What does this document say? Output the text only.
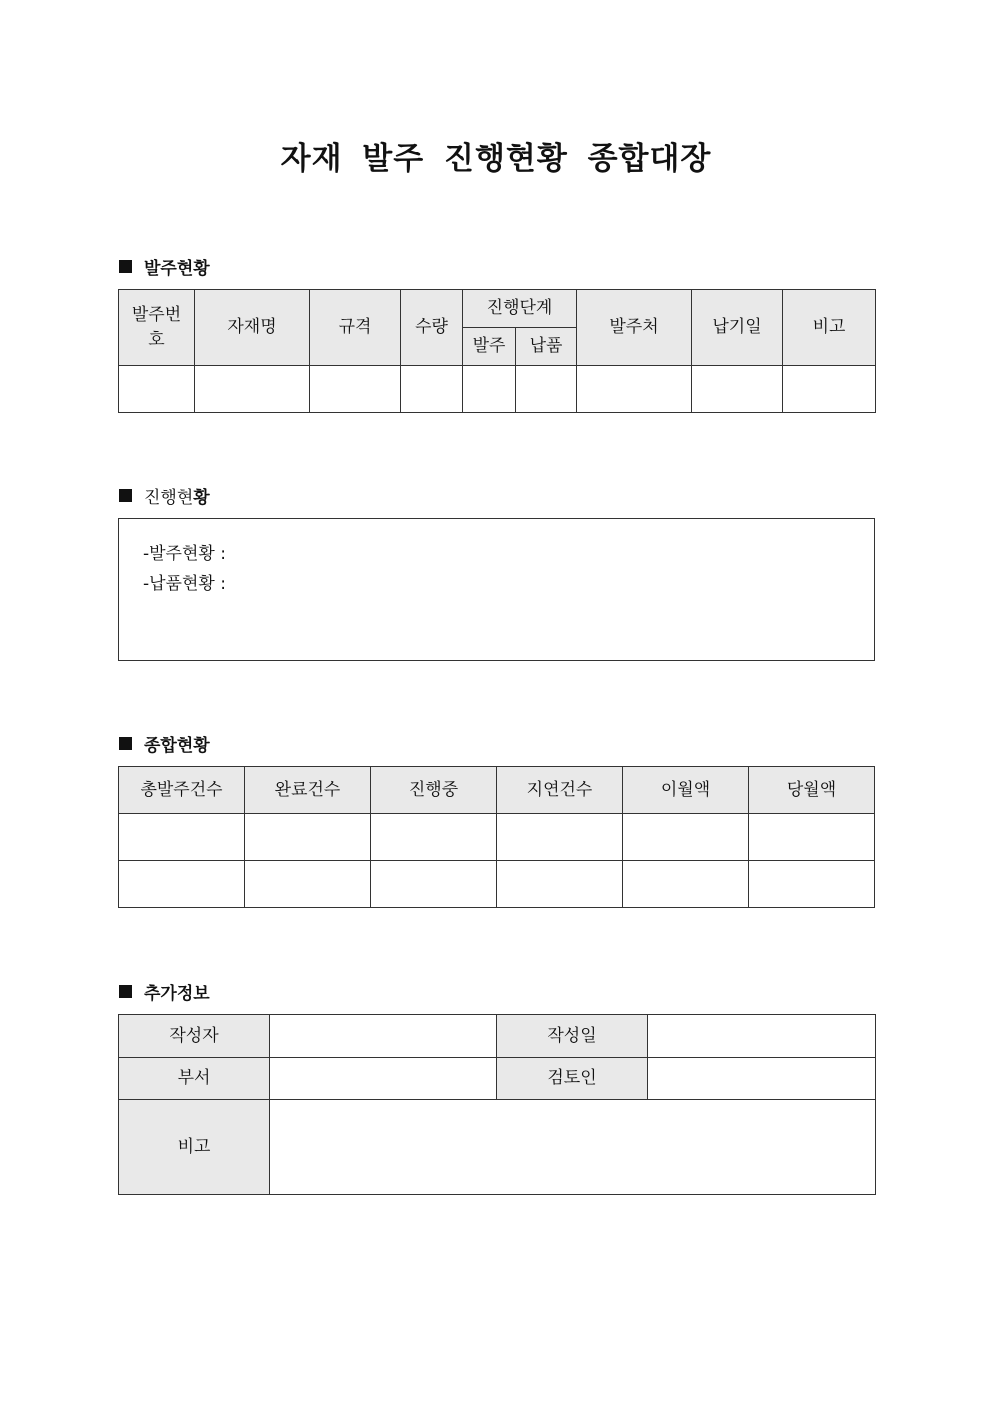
자재 발주 진행현황 종합대장
발주현황
발주번호	자재명	규격	수량	진행단계		발주처	납기일	비고
				발주	납품			

진행현 황
-발주현황 :
-납품현황 :
종합현황
총발주건수	완료건수	진행중	지연건수	이월액	당월액

추가정보
작성자		작성일	
부서		검토인	
비고			
